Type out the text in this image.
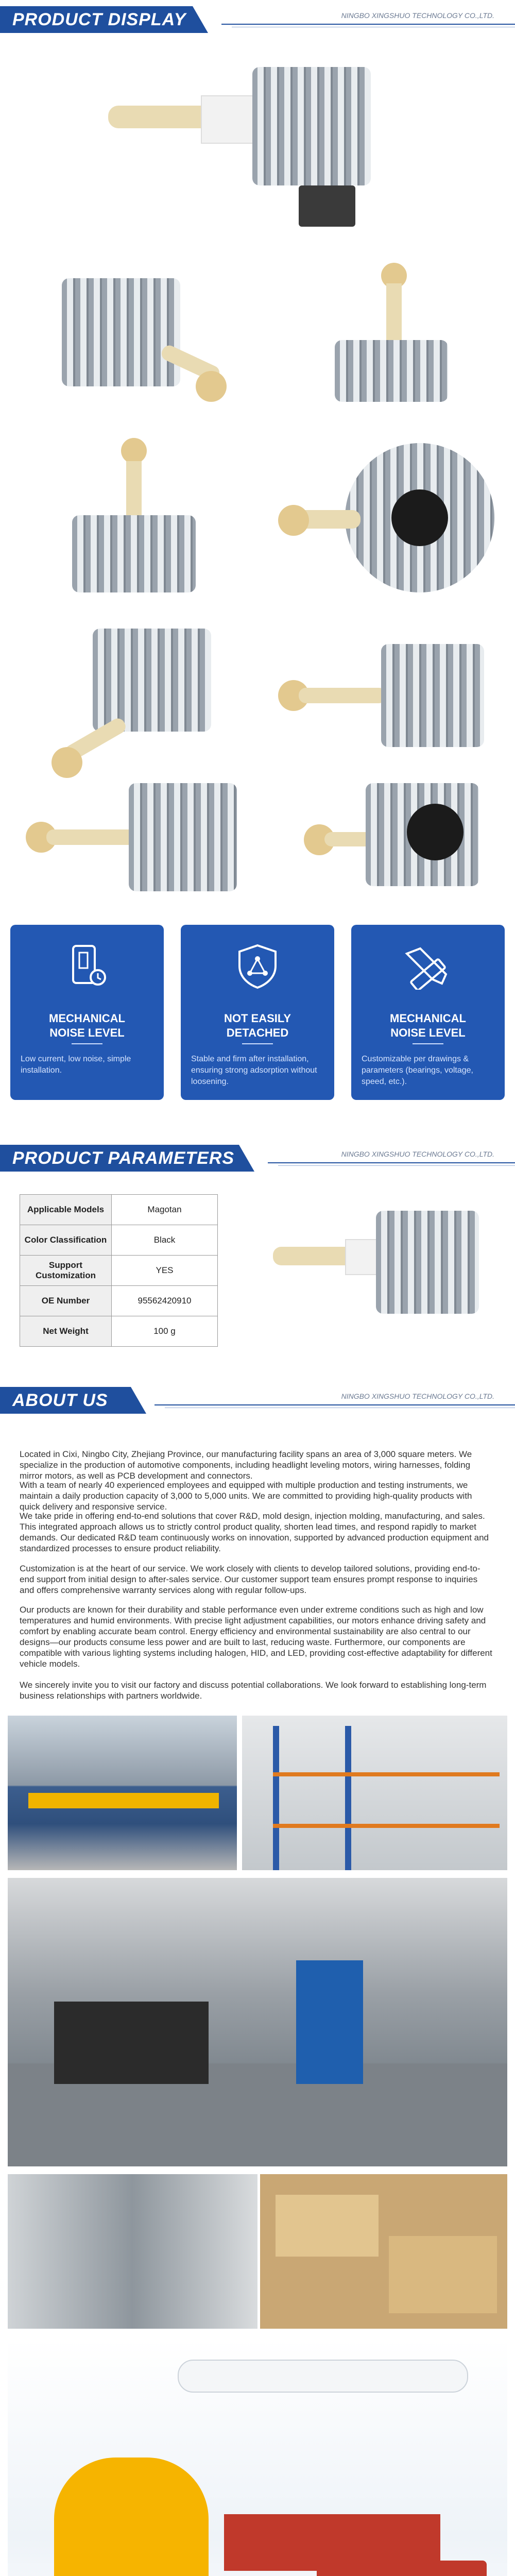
PRODUCT DISPLAY	NINGBO XINGSHUO TECHNOLOGY CO.,LTD.
MECHANICAL
NOISE LEVEL
Low current, low noise, simple installation.
NOT EASILY
DETACHED
Stable and firm after installation, ensuring strong adsorption without loosening.
MECHANICAL
NOISE LEVEL
Customizable per drawings & parameters (bearings, voltage, speed, etc.).
PRODUCT PARAMETERS	NINGBO XINGSHUO TECHNOLOGY CO.,LTD.
Applicable Models	Magotan
Color Classification	Black
Support Customization	YES
OE Number	95562420910
Net Weight	100 g
ABOUT US	NINGBO XINGSHUO TECHNOLOGY CO.,LTD.
Located in Cixi, Ningbo City, Zhejiang Province, our manufacturing facility spans an area of 3,000 square meters. We specialize in the production of automotive components, including headlight leveling motors, wiring harnesses, folding mirror motors, as well as PCB development and connectors.
With a team of nearly 40 experienced employees and equipped with multiple production and testing instruments, we maintain a daily production capacity of 3,000 to 5,000 units. We are committed to providing high-quality products with quick delivery and responsive service.
We take pride in offering end-to-end solutions that cover R&D, mold design, injection molding, manufacturing, and sales. This integrated approach allows us to strictly control product quality, shorten lead times, and respond rapidly to market demands. Our dedicated R&D team continuously works on innovation, supported by advanced production equipment and standardized processes to ensure product reliability.
Customization is at the heart of our service. We work closely with clients to develop tailored solutions, providing end-to-end support from initial design to after-sales service. Our customer support team ensures prompt response to inquiries and offers comprehensive warranty services along with regular follow-ups.
Our products are known for their durability and stable performance even under extreme conditions such as high and low temperatures and humid environments. With precise light adjustment capabilities, our motors enhance driving safety and comfort by enabling accurate beam control. Energy efficiency and environmental sustainability are also central to our designs—our products consume less power and are built to last, reducing waste. Furthermore, our components are compatible with various lighting systems including halogen, HID, and LED, providing cost-effective adaptability for different vehicle models.
We sincerely invite you to visit our factory and discuss potential collaborations. We look forward to establishing long-term business relationships with partners worldwide.
